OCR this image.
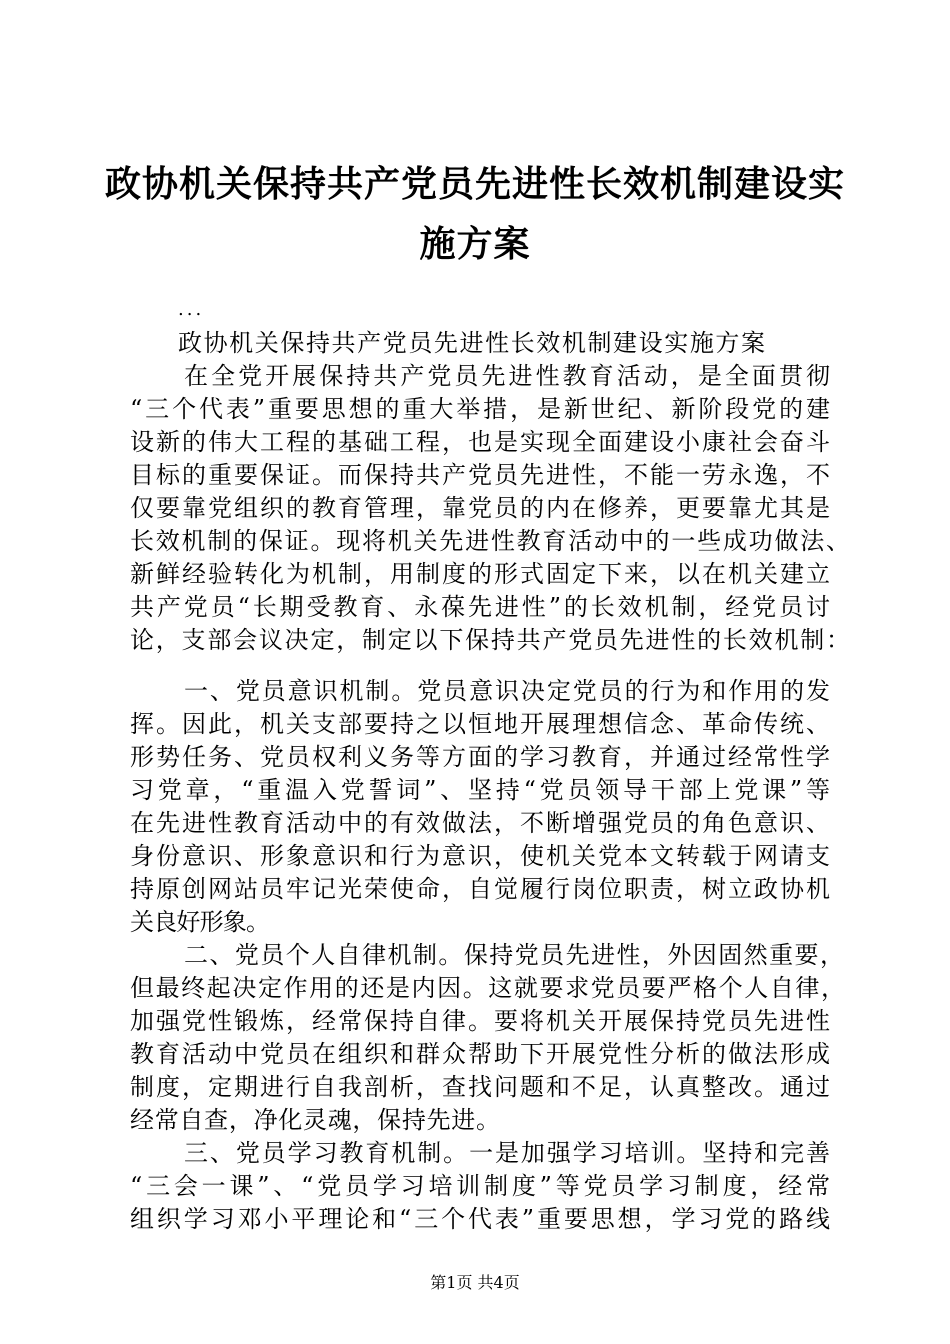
政协机关保持共产党员先进性长效机制建设实
施方案
...
政协机关保持共产党员先进性长效机制建设实施方案
在全党开展保持共产党员先进性教育活动，是全面贯彻
“三个代表”重要思想的重大举措，是新世纪、新阶段党的建
设新的伟大工程的基础工程，也是实现全面建设小康社会奋斗
目标的重要保证。而保持共产党员先进性，不能一劳永逸，不
仅要靠党组织的教育管理，靠党员的内在修养，更要靠尤其是
长效机制的保证。现将机关先进性教育活动中的一些成功做法、
新鲜经验转化为机制，用制度的形式固定下来，以在机关建立
共产党员“长期受教育、永葆先进性”的长效机制，经党员讨
论，支部会议决定，制定以下保持共产党员先进性的长效机制：
一、党员意识机制。党员意识决定党员的行为和作用的发
挥。因此，机关支部要持之以恒地开展理想信念、革命传统、
形势任务、党员权利义务等方面的学习教育，并通过经常性学
习党章，“重温入党誓词”、坚持“党员领导干部上党课”等
在先进性教育活动中的有效做法，不断增强党员的角色意识、
身份意识、形象意识和行为意识，使机关党本文转载于网请支
持原创网站员牢记光荣使命，自觉履行岗位职责，树立政协机
关良好形象。
二、党员个人自律机制。保持党员先进性，外因固然重要，
但最终起决定作用的还是内因。这就要求党员要严格个人自律，
加强党性锻炼，经常保持自律。要将机关开展保持党员先进性
教育活动中党员在组织和群众帮助下开展党性分析的做法形成
制度，定期进行自我剖析，查找问题和不足，认真整改。通过
经常自查，净化灵魂，保持先进。
三、党员学习教育机制。一是加强学习培训。坚持和完善
“三会一课”、“党员学习培训制度”等党员学习制度，经常
组织学习邓小平理论和“三个代表”重要思想，学习党的路线
第1页 共4页
